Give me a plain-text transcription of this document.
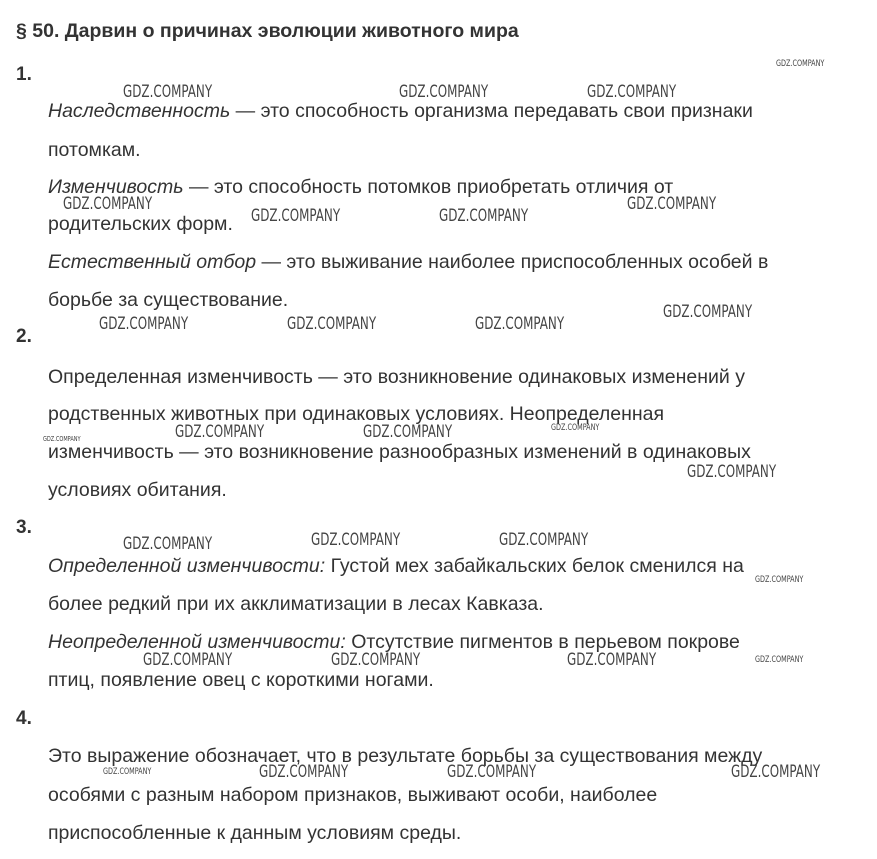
§ 50. Дарвин о причинах эволюции животного мира
1.
Наследственность — это способность организма передавать свои признаки
потомкам.
Изменчивость — это способность потомков приобретать отличия от
родительских форм.
Естественный отбор — это выживание наиболее приспособленных особей в
борьбе за существование.
2.
Определенная изменчивость — это возникновение одинаковых изменений у
родственных животных при одинаковых условиях. Неопределенная
изменчивость — это возникновение разнообразных изменений в одинаковых
условиях обитания.
3.
Определенной изменчивости: Густой мех забайкальских белок сменился на
более редкий при их акклиматизации в лесах Кавказа.
Неопределенной изменчивости: Отсутствие пигментов в перьевом покрове
птиц, появление овец с короткими ногами.
4.
Это выражение обозначает, что в результате борьбы за существования между
особями с разным набором признаков, выживают особи, наиболее
приспособленные к данным условиям среды.
GDZ.COMPANY
GDZ.COMPANY	GDZ.COMPANY	GDZ.COMPANY
GDZ.COMPANY	GDZ.COMPANY
GDZ.COMPANY	GDZ.COMPANY
GDZ.COMPANY
GDZ.COMPANY	GDZ.COMPANY	GDZ.COMPANY
GDZ.COMPANY
GDZ.COMPANY	GDZ.COMPANY
GDZ.COMPANY
GDZ.COMPANY
GDZ.COMPANY	GDZ.COMPANY
GDZ.COMPANY
GDZ.COMPANY
GDZ.COMPANY	GDZ.COMPANY	GDZ.COMPANY	GDZ.COMPANY
GDZ.COMPANY	GDZ.COMPANY	GDZ.COMPANY	GDZ.COMPANY
